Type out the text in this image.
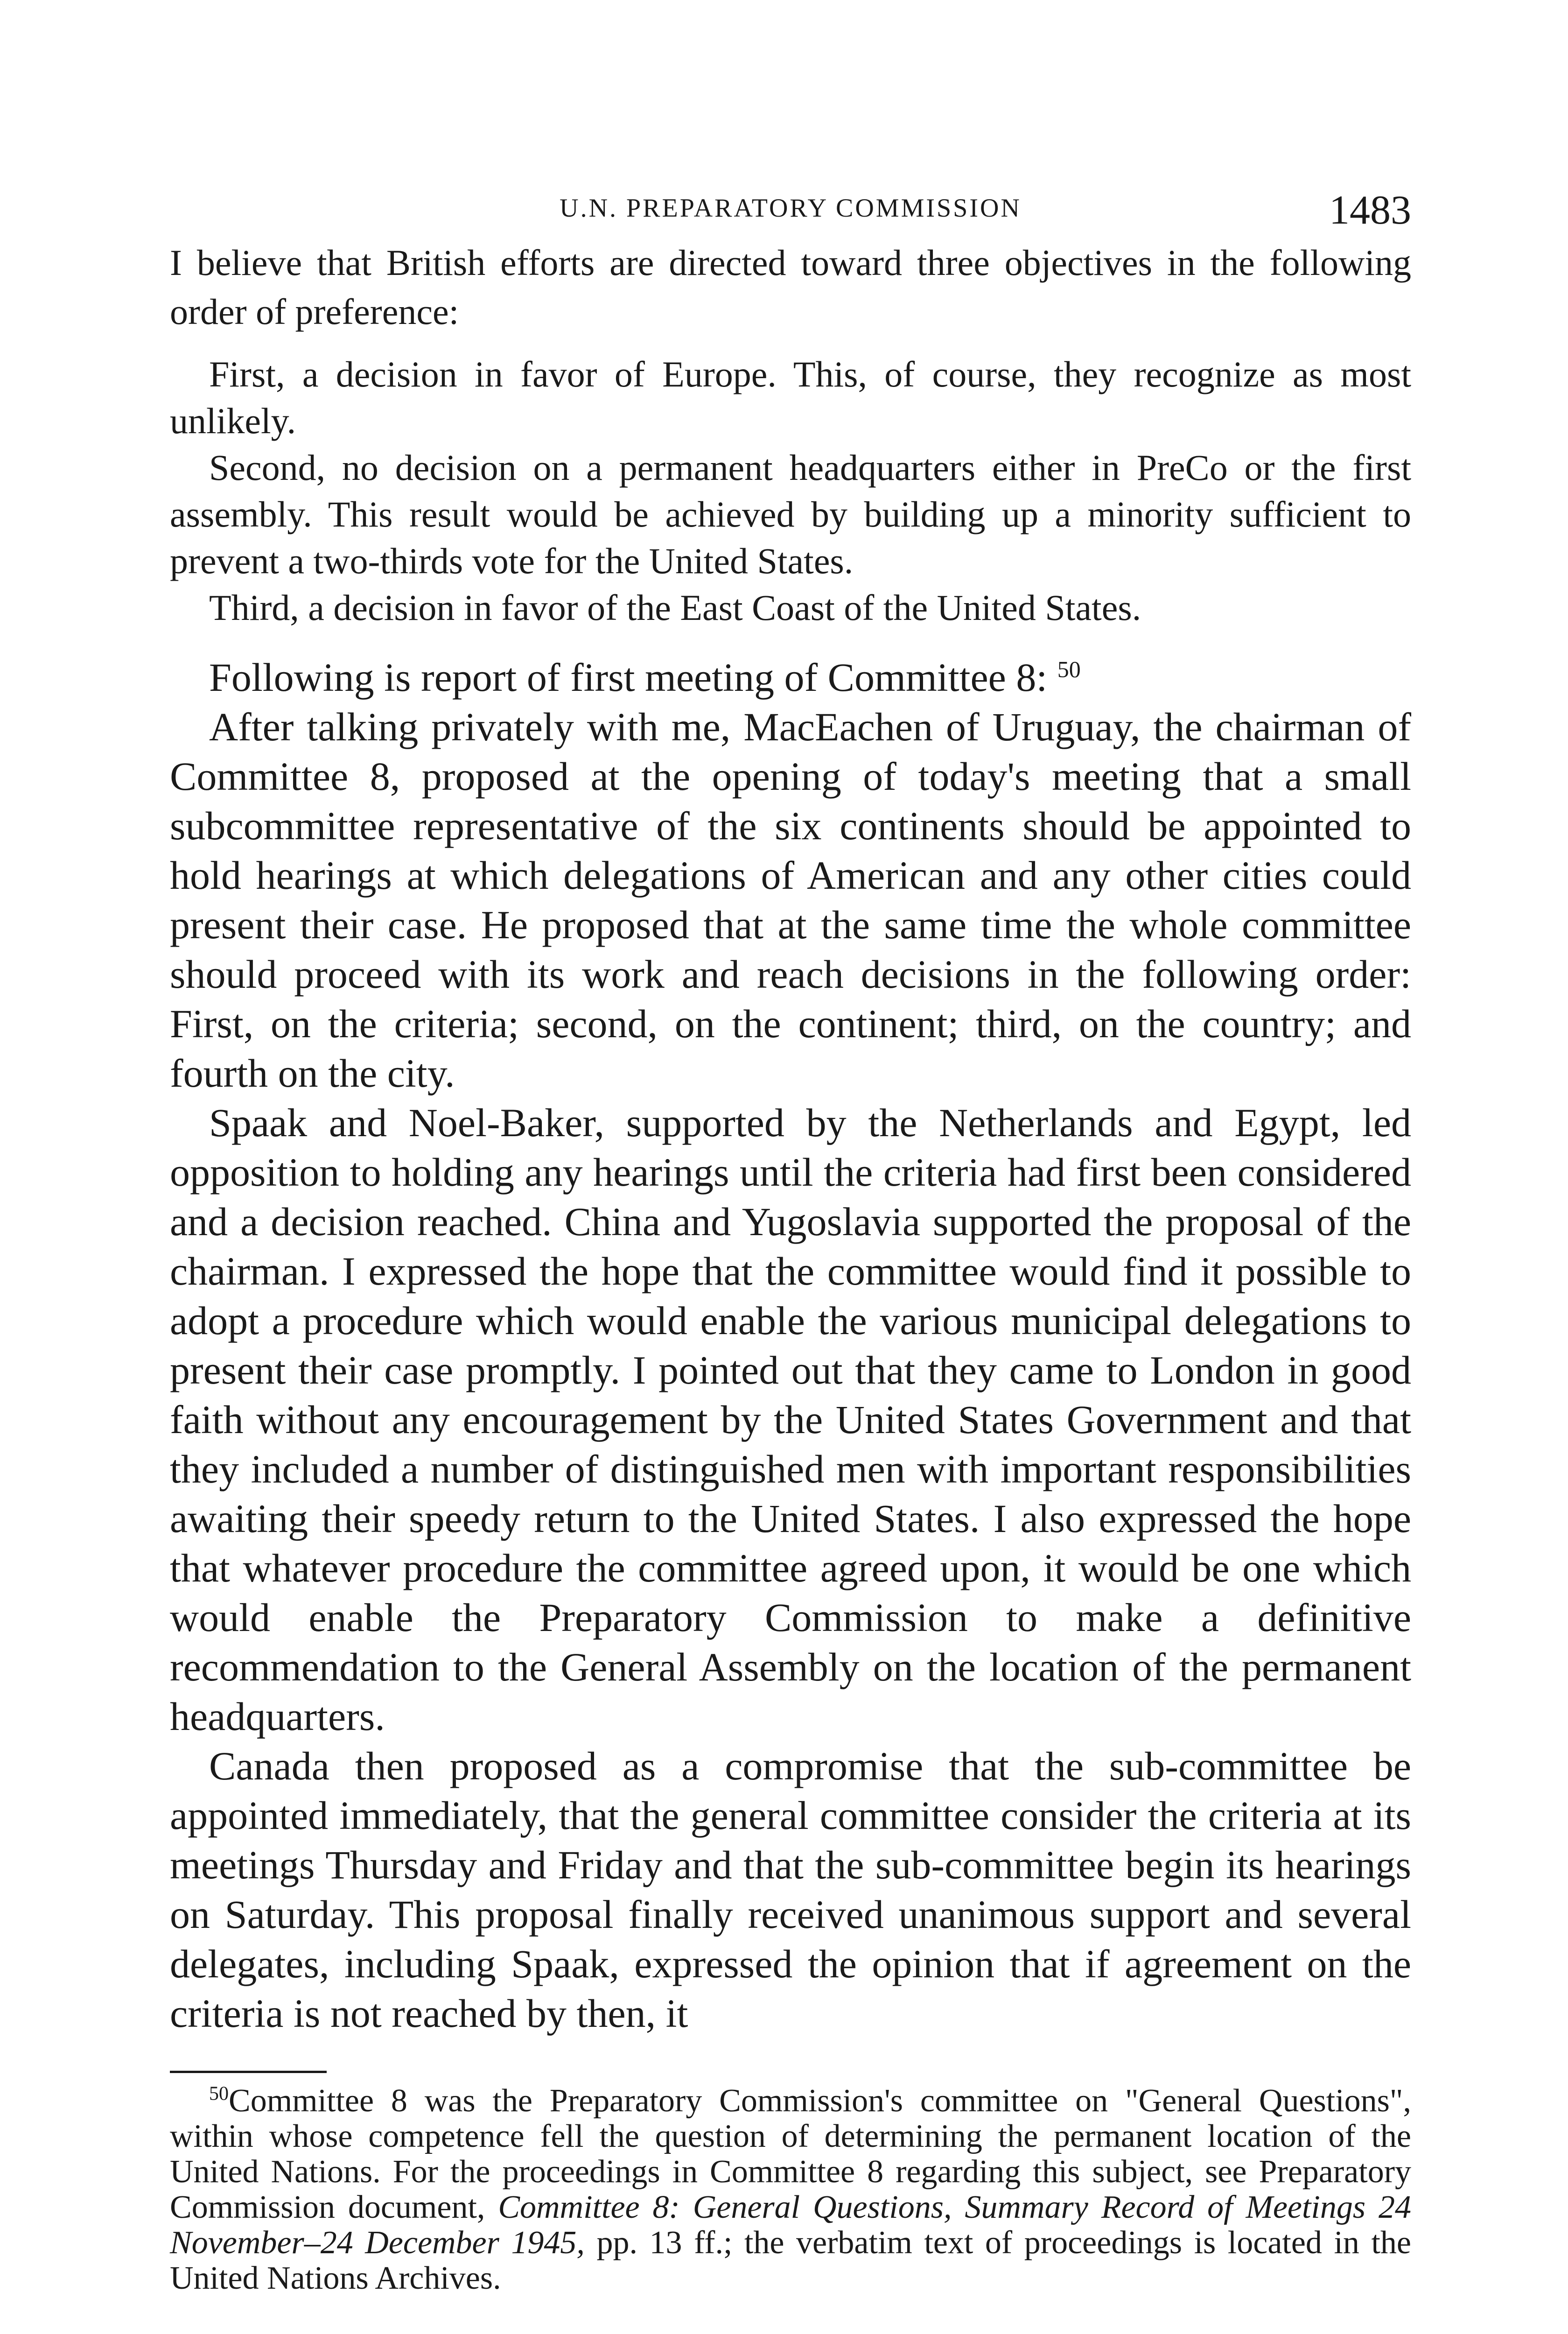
U.N. PREPARATORY COMMISSION	1483

I believe that British efforts are directed toward three objectives in the following order of preference:

First, a decision in favor of Europe. This, of course, they recognize as most unlikely.

Second, no decision on a permanent headquarters either in PreCo or the first assembly. This result would be achieved by building up a minority sufficient to prevent a two-thirds vote for the United States.

Third, a decision in favor of the East Coast of the United States.

Following is report of first meeting of Committee 8: $^{50}$

After talking privately with me, MacEachen of Uruguay, the chairman of Committee 8, proposed at the opening of today's meeting that a small subcommittee representative of the six continents should be appointed to hold hearings at which delegations of American and any other cities could present their case. He proposed that at the same time the whole committee should proceed with its work and reach decisions in the following order: First, on the criteria; second, on the continent; third, on the country; and fourth on the city.

Spaak and Noel-Baker, supported by the Netherlands and Egypt, led opposition to holding any hearings until the criteria had first been considered and a decision reached. China and Yugoslavia supported the proposal of the chairman. I expressed the hope that the committee would find it possible to adopt a procedure which would enable the various municipal delegations to present their case promptly. I pointed out that they came to London in good faith without any encouragement by the United States Government and that they included a number of distinguished men with important responsibilities awaiting their speedy return to the United States. I also expressed the hope that whatever procedure the committee agreed upon, it would be one which would enable the Preparatory Commission to make a definitive recommendation to the General Assembly on the location of the permanent headquarters.

Canada then proposed as a compromise that the sub-committee be appointed immediately, that the general committee consider the criteria at its meetings Thursday and Friday and that the sub-committee begin its hearings on Saturday. This proposal finally received unanimous support and several delegates, including Spaak, expressed the opinion that if agreement on the criteria is not reached by then, it

$^{50}$Committee 8 was the Preparatory Commission's committee on "General Questions", within whose competence fell the question of determining the permanent location of the United Nations. For the proceedings in Committee 8 regarding this subject, see Preparatory Commission document, Committee 8: General Questions, Summary Record of Meetings 24 November–24 December 1945, pp. 13 ff.; the verbatim text of proceedings is located in the United Nations Archives.
